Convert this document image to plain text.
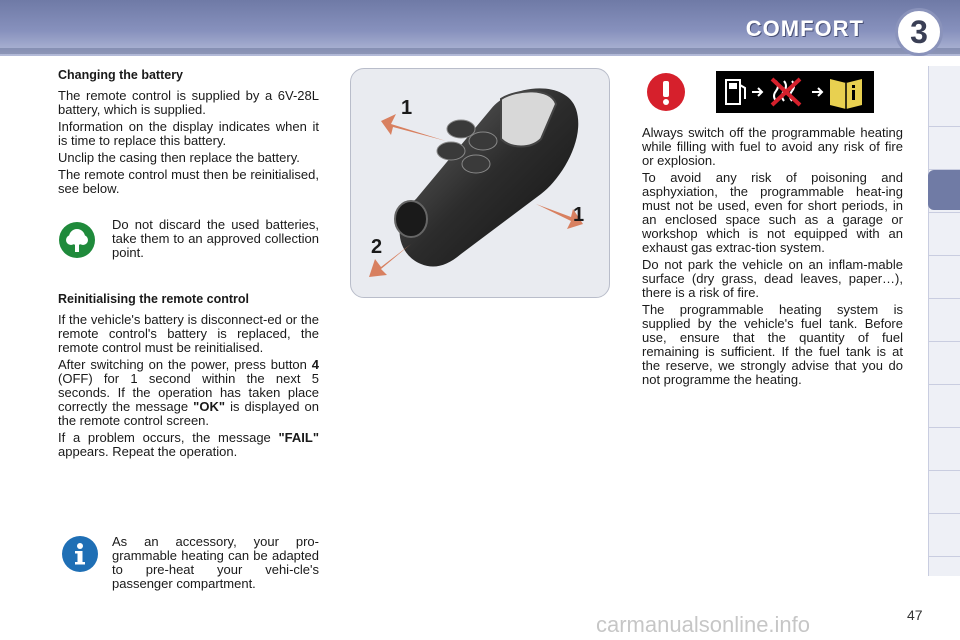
COMFORT	3
Changing the battery

The remote control is supplied by a 6V-28L battery, which is supplied.

Information on the display indicates when it is time to replace this battery.

Unclip the casing then replace the battery.

The remote control must then be reinitialised, see below.

Do not discard the used batteries, take them to an approved collection point.
Reinitialising the remote control

If the vehicle's battery is disconnect-ed or the remote control's battery is replaced, the remote control must be reinitialised.

After switching on the power, press button 4 (OFF) for 1 second within the next 5 seconds. If the operation has taken place correctly the message "OK" is displayed on the remote control screen.

If a problem occurs, the message "FAIL" appears. Repeat the operation.

As an accessory, your pro-grammable heating can be adapted to pre-heat your vehi-cle's passenger compartment.
1
1
2

Always switch off the programmable heating while filling with fuel to avoid any risk of fire or explosion.

To avoid any risk of poisoning and asphyxiation, the programmable heat-ing must not be used, even for short periods, in an enclosed space such as a garage or workshop which is not equipped with an exhaust gas extrac-tion system.

Do not park the vehicle on an inflam-mable surface (dry grass, dead leaves, paper…), there is a risk of fire.

The programmable heating system is supplied by the vehicle's fuel tank. Before use, ensure that the quantity of fuel remaining is sufficient. If the fuel tank is at the reserve, we strongly advise that you do not programme the heating.

47
carmanualsonline.info
